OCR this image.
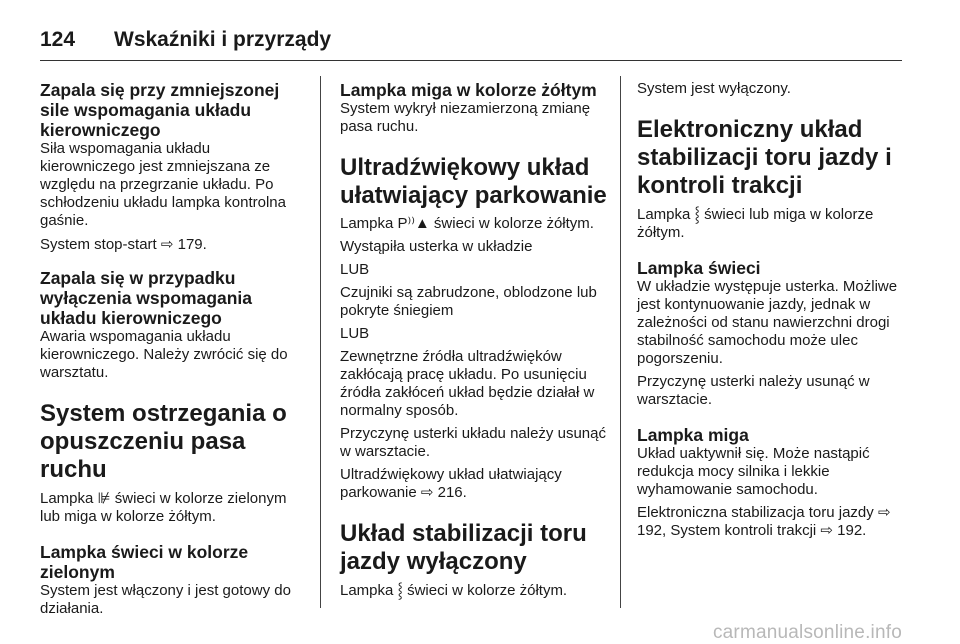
124	Wskaźniki i przyrządy
Zapala się przy zmniejszonej sile wspomagania układu kierowniczego

Siła wspomagania układu kierowniczego jest zmniejszana ze względu na przegrzanie układu. Po schłodzeniu układu lampka kontrolna gaśnie.

System stop-start ⇨ 179.

Zapala się w przypadku wyłączenia wspomagania układu kierowniczego

Awaria wspomagania układu kierowniczego. Należy zwrócić się do warsztatu.

System ostrzegania o opuszczeniu pasa ruchu

Lampka ⊯ świeci w kolorze zielonym lub miga w kolorze żółtym.

Lampka świeci w kolorze zielonym

System jest włączony i jest gotowy do działania.

Lampka miga w kolorze żółtym

System wykrył niezamierzoną zmianę pasa ruchu.

Ultradźwiękowy układ ułatwiający parkowanie

Lampka P⁾⁾▲ świeci w kolorze żółtym.

Wystąpiła usterka w układzie

LUB

Czujniki są zabrudzone, oblodzone lub pokryte śniegiem

LUB

Zewnętrzne źródła ultradźwięków zakłócają pracę układu. Po usunięciu źródła zakłóceń układ będzie działał w normalny sposób.

Przyczynę usterki układu należy usunąć w warsztacie.

Ultradźwiękowy układ ułatwiający parkowanie ⇨ 216.

Układ stabilizacji toru jazdy wyłączony

Lampka ⸾ świeci w kolorze żółtym.

System jest wyłączony.

Elektroniczny układ stabilizacji toru jazdy i kontroli trakcji

Lampka ⸾ świeci lub miga w kolorze żółtym.

Lampka świeci

W układzie występuje usterka. Możliwe jest kontynuowanie jazdy, jednak w zależności od stanu nawierzchni drogi stabilność samochodu może ulec pogorszeniu.

Przyczynę usterki należy usunąć w warsztacie.

Lampka miga

Układ uaktywnił się. Może nastąpić redukcja mocy silnika i lekkie wyhamowanie samochodu.

Elektroniczna stabilizacja toru jazdy ⇨ 192, System kontroli trakcji ⇨ 192.

carmanualsonline.info
